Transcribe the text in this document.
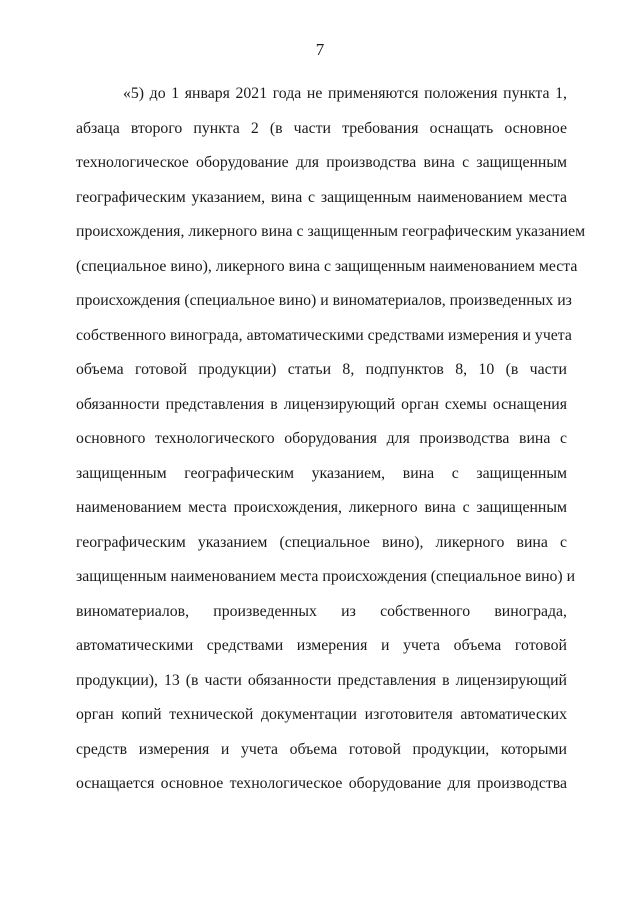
7
«5) до 1 января 2021 года не применяются положения пункта 1,
абзаца второго пункта 2 (в части требования оснащать основное
технологическое оборудование для производства вина с защищенным
географическим указанием, вина с защищенным наименованием места
происхождения, ликерного вина с защищенным географическим указанием
(специальное вино), ликерного вина с защищенным наименованием места
происхождения (специальное вино) и виноматериалов, произведенных из
собственного винограда, автоматическими средствами измерения и учета
объема готовой продукции) статьи 8, подпунктов 8, 10 (в части
обязанности представления в лицензирующий орган схемы оснащения
основного технологического оборудования для производства вина с
защищенным географическим указанием, вина с защищенным
наименованием места происхождения, ликерного вина с защищенным
географическим указанием (специальное вино), ликерного вина с
защищенным наименованием места происхождения (специальное вино) и
виноматериалов, произведенных из собственного винограда,
автоматическими средствами измерения и учета объема готовой
продукции), 13 (в части обязанности представления в лицензирующий
орган копий технической документации изготовителя автоматических
средств измерения и учета объема готовой продукции, которыми
оснащается основное технологическое оборудование для производства
